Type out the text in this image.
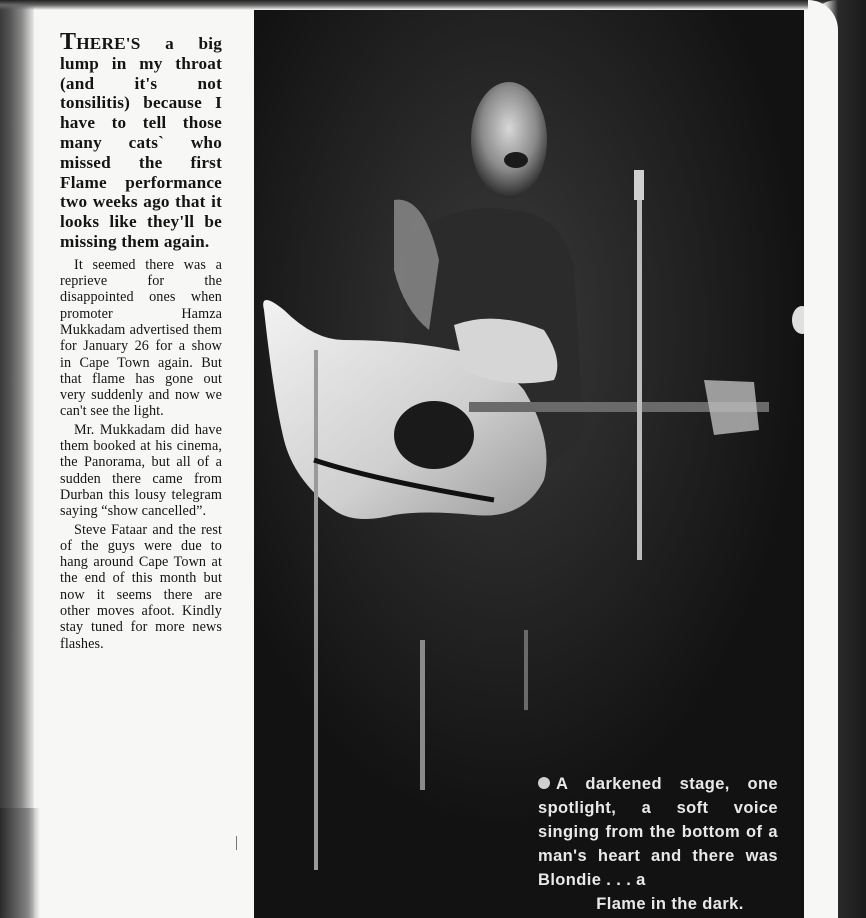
THERE'S a big lump in my throat (and it's not tonsilitis) because I have to tell those many cats` who missed the first Flame performance two weeks ago that it looks like they'll be missing them again.

It seemed there was a reprieve for the disappointed ones when promoter Hamza Mukkadam advertised them for January 26 for a show in Cape Town again. But that flame has gone out very suddenly and now we can't see the light.

Mr. Mukkadam did have them booked at his cinema, the Panorama, but all of a sudden there came from Durban this lousy telegram saying “show cancelled”.

Steve Fataar and the rest of the guys were due to hang around Cape Town at the end of this month but now it seems there are other moves afoot. Kindly stay tuned for more news flashes.

A darkened stage, one spotlight, a soft voice singing from the bottom of a man's heart and there was Blondie . . . a
Flame in the dark.
